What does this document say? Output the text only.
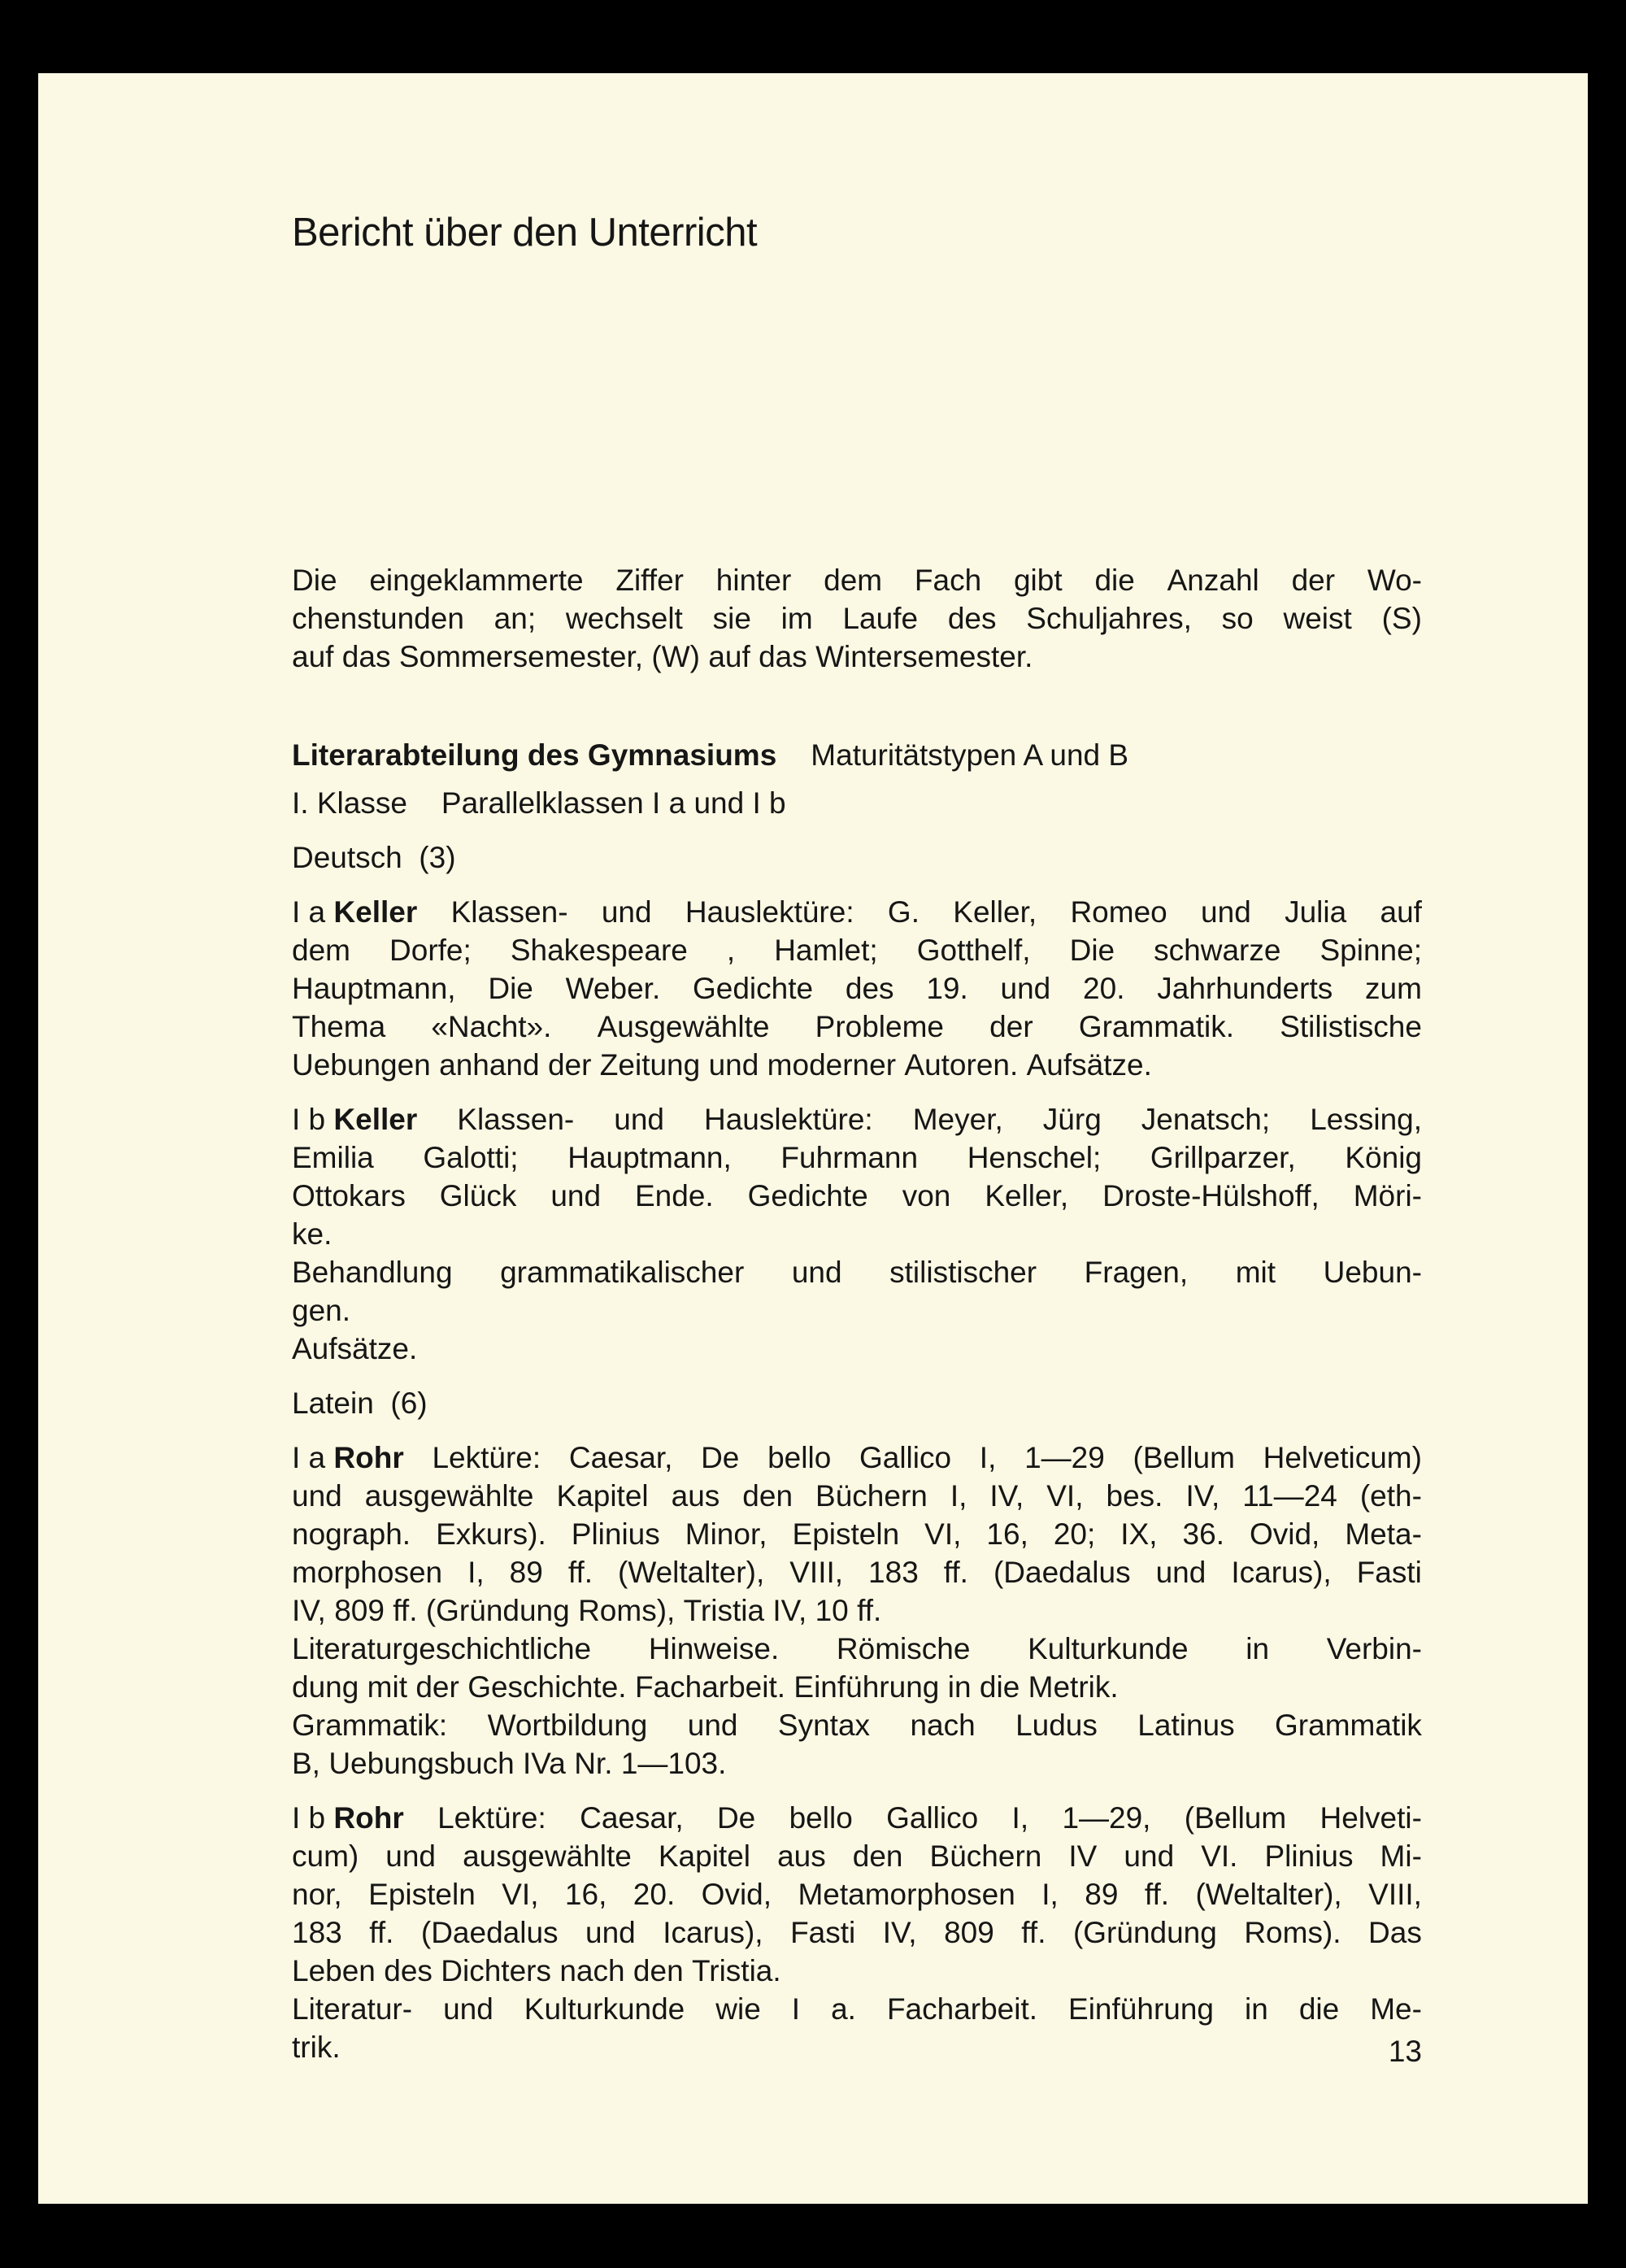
Bericht über den Unterricht
Die eingeklammerte Ziffer hinter dem Fach gibt die Anzahl der Wo-
chenstunden an; wechselt sie im Laufe des Schuljahres, so weist (S)
auf das Sommersemester, (W) auf das Wintersemester.
Literarabteilung des Gymnasiums Maturitätstypen A und B
I. Klasse Parallelklassen I a und I b
Deutsch  (3)
I a Keller Klassen- und Hauslektüre: G. Keller, Romeo und Julia auf
dem Dorfe; Shakespeare , Hamlet; Gotthelf, Die schwarze Spinne;
Hauptmann, Die Weber. Gedichte des 19. und 20. Jahrhunderts zum
Thema «Nacht». Ausgewählte Probleme der Grammatik. Stilistische
Uebungen anhand der Zeitung und moderner Autoren. Aufsätze.
I b Keller Klassen- und Hauslektüre: Meyer, Jürg Jenatsch; Lessing,
Emilia Galotti; Hauptmann, Fuhrmann Henschel; Grillparzer, König
Ottokars Glück und Ende. Gedichte von Keller, Droste-Hülshoff, Möri-
ke.
Behandlung grammatikalischer und stilistischer Fragen, mit Uebun-
gen.
Aufsätze.
Latein  (6)
I a Rohr Lektüre: Caesar, De bello Gallico I, 1—29 (Bellum Helveticum)
und ausgewählte Kapitel aus den Büchern I, IV, VI, bes. IV, 11—24 (eth-
nograph. Exkurs). Plinius Minor, Episteln VI, 16, 20; IX, 36. Ovid, Meta-
morphosen I, 89 ff. (Weltalter), VIII, 183 ff. (Daedalus und Icarus), Fasti
IV, 809 ff. (Gründung Roms), Tristia IV, 10 ff.
Literaturgeschichtliche Hinweise. Römische Kulturkunde in Verbin-
dung mit der Geschichte. Facharbeit. Einführung in die Metrik.
Grammatik: Wortbildung und Syntax nach Ludus Latinus Grammatik
B, Uebungsbuch IVa Nr. 1—103.
I b Rohr Lektüre: Caesar, De bello Gallico I, 1—29, (Bellum Helveti-
cum) und ausgewählte Kapitel aus den Büchern IV und VI. Plinius Mi-
nor, Episteln VI, 16, 20. Ovid, Metamorphosen I, 89 ff. (Weltalter), VIII,
183 ff. (Daedalus und Icarus), Fasti IV, 809 ff. (Gründung Roms). Das
Leben des Dichters nach den Tristia.
Literatur- und Kulturkunde wie I a. Facharbeit. Einführung in die Me-
trik.	13
